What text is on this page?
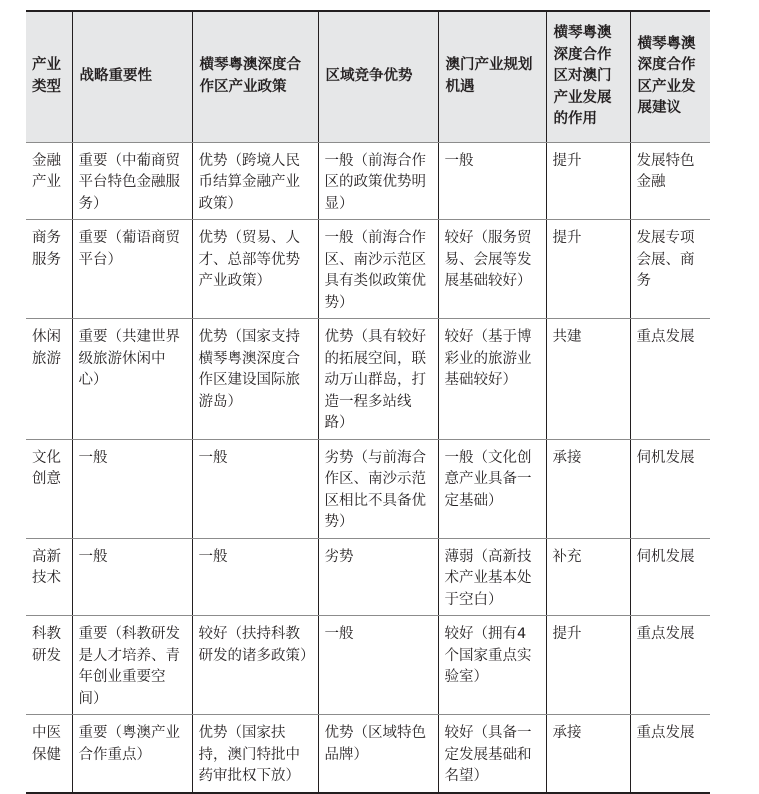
产业类型	战略重要性	横琴粤澳深度合作区产业政策	区域竞争优势	澳门产业规划机遇	横琴粤澳深度合作区对澳门产业发展的作用	横琴粤澳深度合作区产业发展建议
金融产业	重要（中葡商贸平台特色金融服务）	优势（跨境人民币结算金融产业政策）	一般（前海合作区的政策优势明显）	一般	提升	发展特色金融
商务服务	重要（葡语商贸平台）	优势（贸易、人才、总部等优势产业政策）	一般（前海合作区、南沙示范区具有类似政策优势）	较好（服务贸易、会展等发展基础较好）	提升	发展专项会展、商务
休闲旅游	重要（共建世界级旅游休闲中心）	优势（国家支持横琴粤澳深度合作区建设国际旅游岛）	优势（具有较好的拓展空间，联动万山群岛，打造一程多站线路）	较好（基于博彩业的旅游业基础较好）	共建	重点发展
文化创意	一般	一般	劣势（与前海合作区、南沙示范区相比不具备优势）	一般（文化创意产业具备一定基础）	承接	伺机发展
高新技术	一般	一般	劣势	薄弱（高新技术产业基本处于空白）	补充	伺机发展
科教研发	重要（科教研发是人才培养、青年创业重要空间）	较好（扶持科教研发的诸多政策）	一般	较好（拥有4个国家重点实验室）	提升	重点发展
中医保健	重要（粤澳产业合作重点）	优势（国家扶持，澳门特批中药审批权下放）	优势（区域特色品牌）	较好（具备一定发展基础和名望）	承接	重点发展
